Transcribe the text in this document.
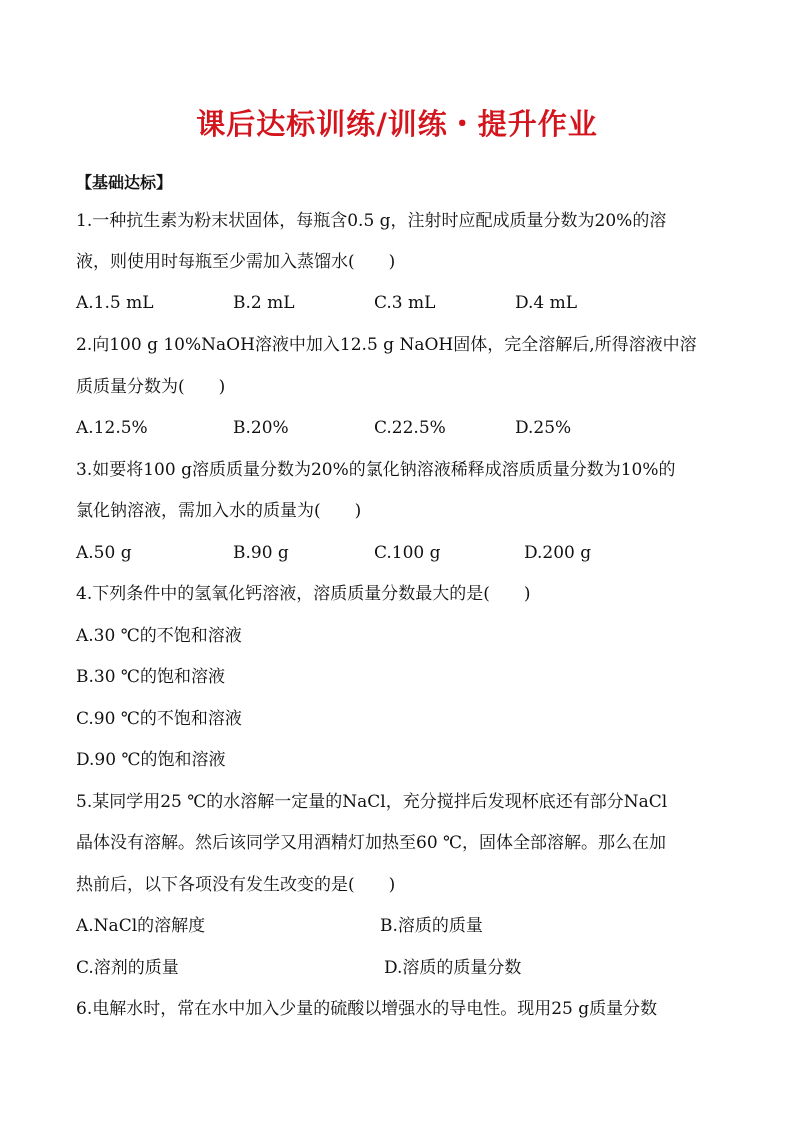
课后达标训练/训练・提升作业
【基础达标】
1.一种抗生素为粉末状固体，每瓶含0.5 g，注射时应配成质量分数为20%的溶
液，则使用时每瓶至少需加入蒸馏水(　　)
A.1.5 mL	B.2 mL	C.3 mL	D.4 mL
2.向100 g 10%NaOH溶液中加入12.5 g NaOH固体，完全溶解后,所得溶液中溶
质质量分数为(　　)
A.12.5%	B.20%	C.22.5%	D.25%
3.如要将100 g溶质质量分数为20%的氯化钠溶液稀释成溶质质量分数为10%的
氯化钠溶液，需加入水的质量为(　　)
A.50 g	B.90 g	C.100 g	D.200 g
4.下列条件中的氢氧化钙溶液，溶质质量分数最大的是(　　)
A.30 ℃的不饱和溶液
B.30 ℃的饱和溶液
C.90 ℃的不饱和溶液
D.90 ℃的饱和溶液
5.某同学用25 ℃的水溶解一定量的NaCl，充分搅拌后发现杯底还有部分NaCl
晶体没有溶解。然后该同学又用酒精灯加热至60 ℃，固体全部溶解。那么在加
热前后，以下各项没有发生改变的是(　　)
A.NaCl的溶解度	B.溶质的质量
C.溶剂的质量	D.溶质的质量分数
6.电解水时，常在水中加入少量的硫酸以增强水的导电性。现用25 g质量分数
